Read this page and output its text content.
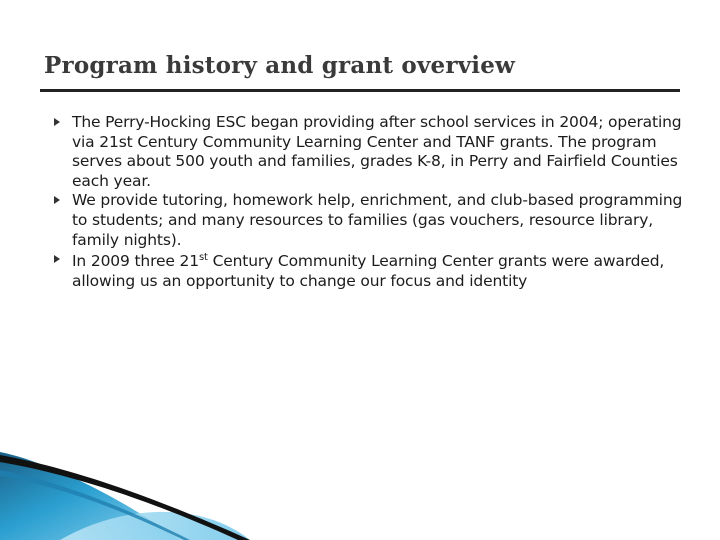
Program history and grant overview
The Perry-Hocking ESC began providing after school services in 2004; operating via 21st Century Community Learning Center and TANF grants. The program serves about 500 youth and families, grades K-8, in Perry and Fairfield Counties each year.
We provide tutoring, homework help, enrichment, and club-based programming to students; and many resources to families (gas vouchers, resource library, family nights).
In 2009 three 21st Century Community Learning Center grants were awarded, allowing us an opportunity to change our focus and identity
